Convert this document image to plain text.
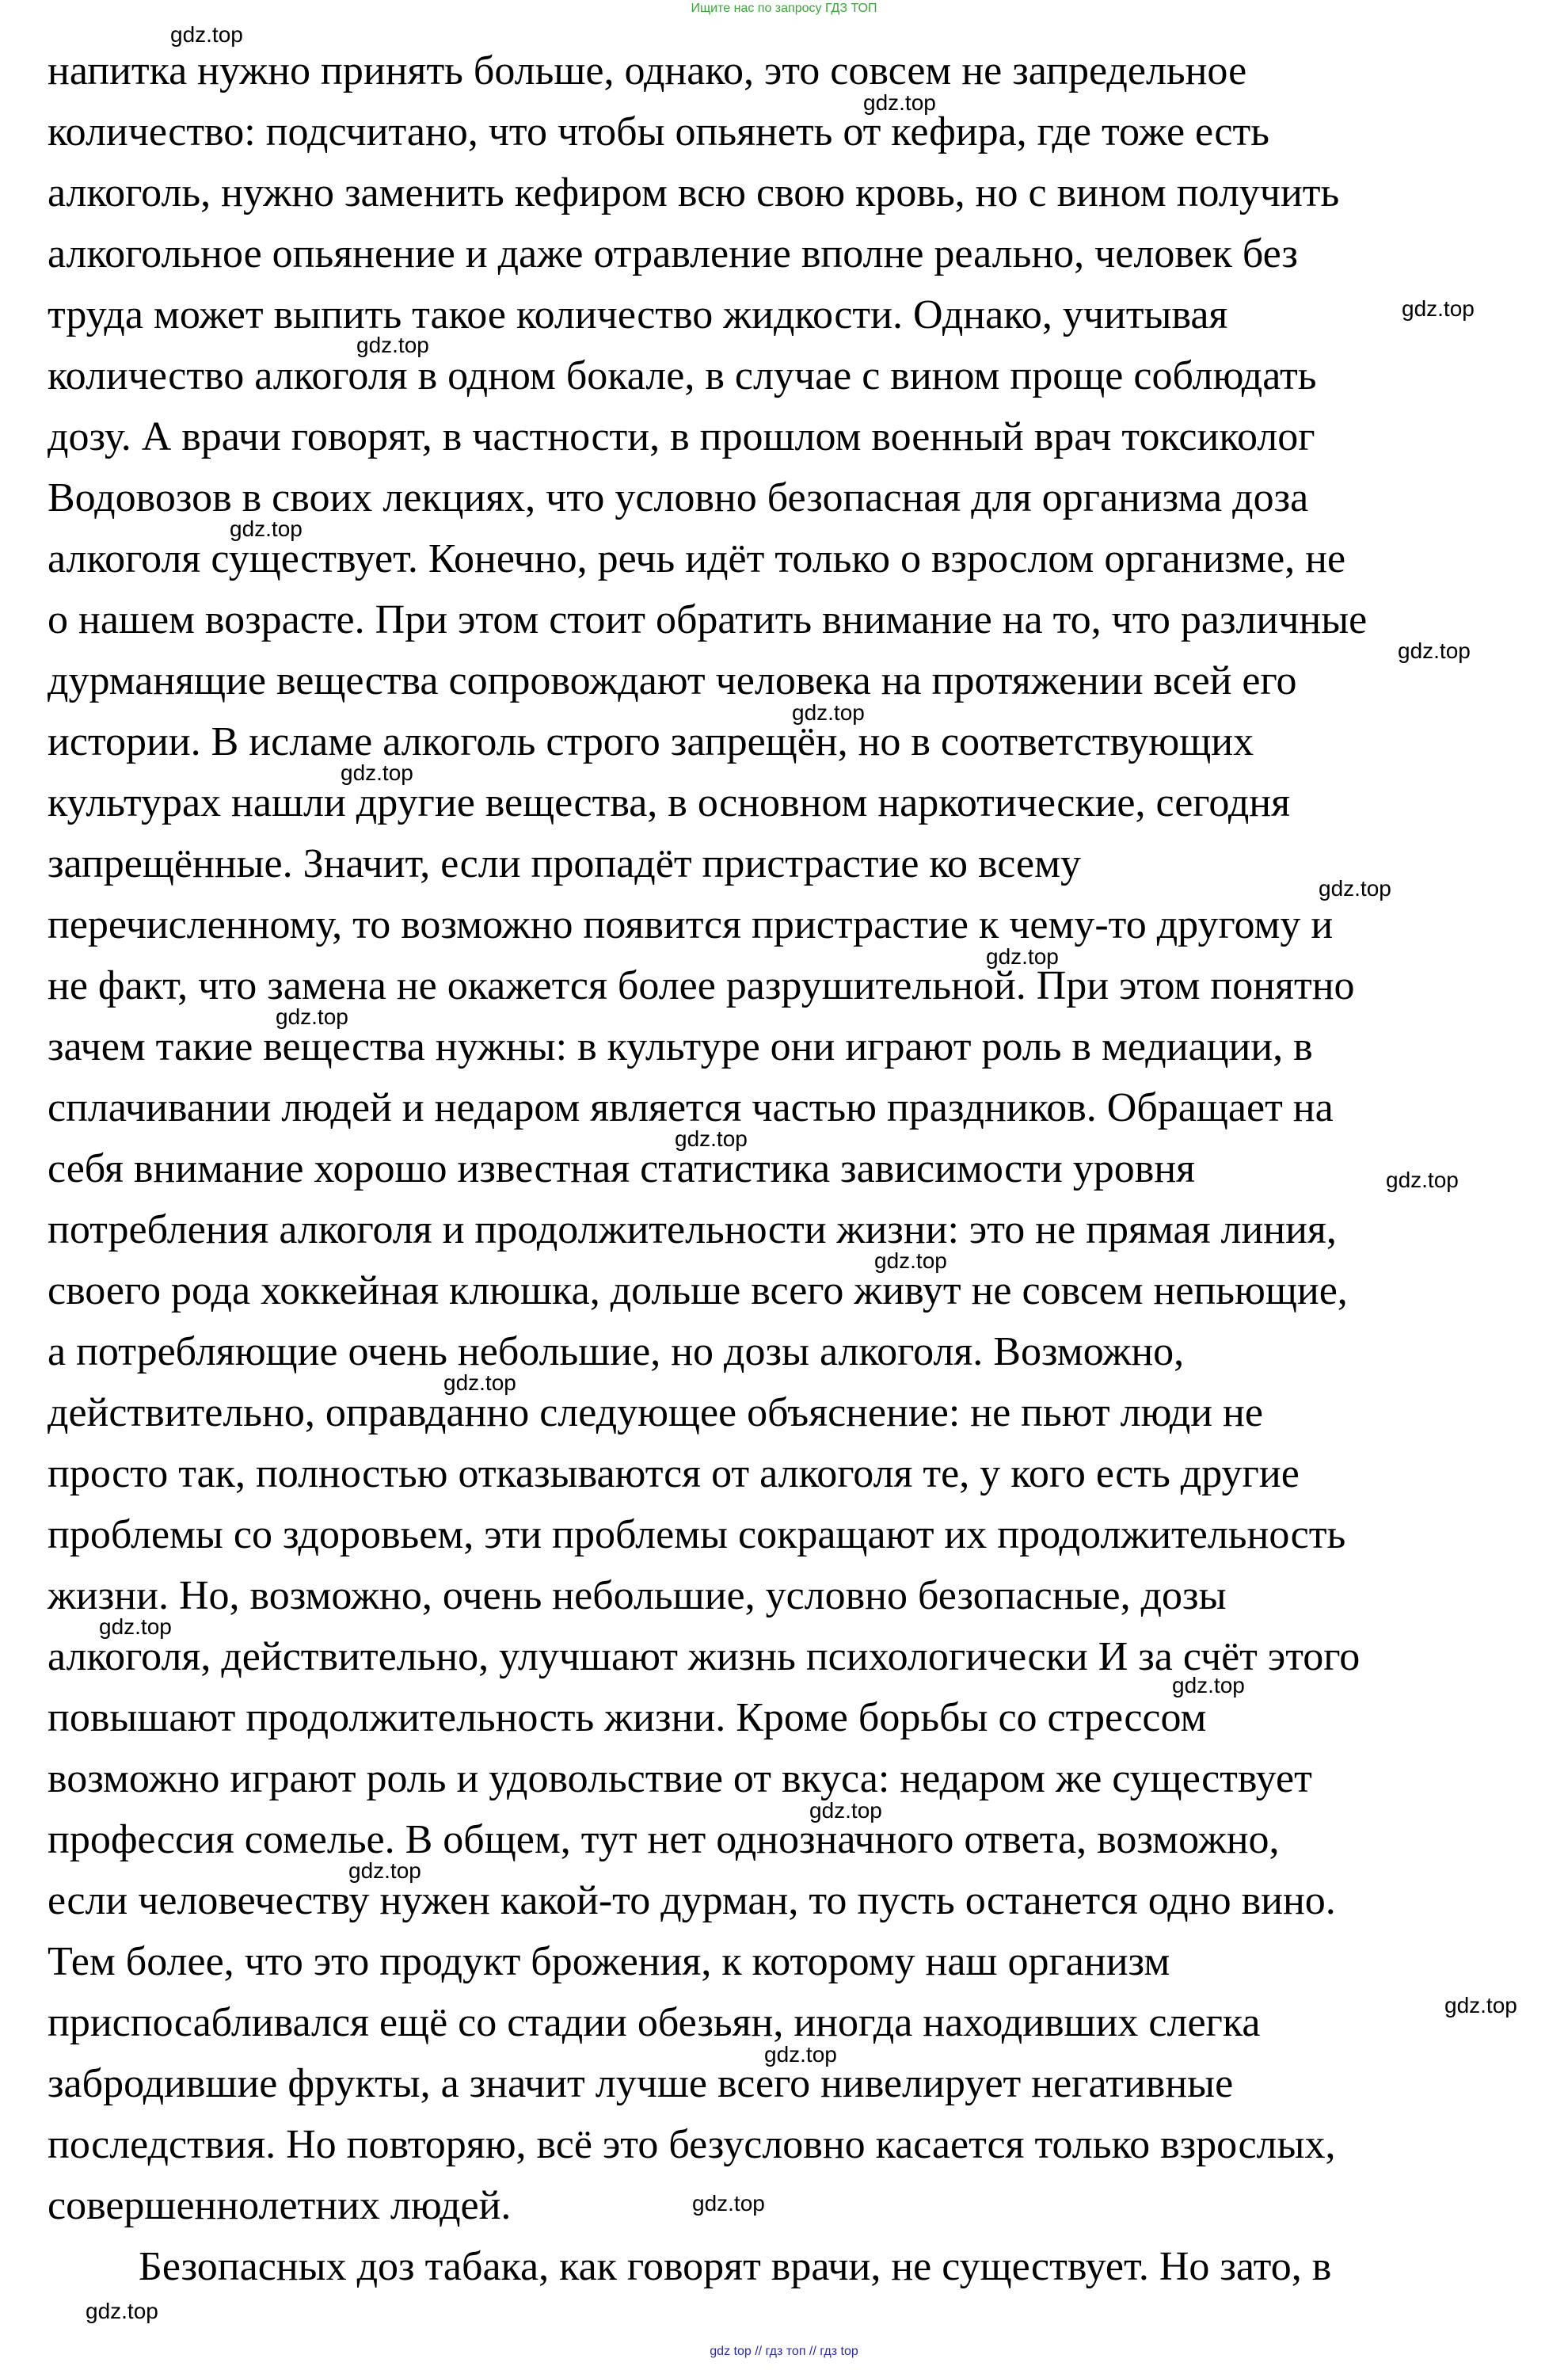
Ищите нас по запросу ГДЗ ТОП
напитка нужно принять больше, однако, это совсем не запредельное
количество: подсчитано, что чтобы опьянеть от кефира, где тоже есть
алкоголь, нужно заменить кефиром всю свою кровь, но с вином получить
алкогольное опьянение и даже отравление вполне реально, человек без
труда может выпить такое количество жидкости. Однако, учитывая
количество алкоголя в одном бокале, в случае с вином проще соблюдать
дозу. А врачи говорят, в частности, в прошлом военный врач токсиколог
Водовозов в своих лекциях, что условно безопасная для организма доза
алкоголя существует. Конечно, речь идёт только о взрослом организме, не
о нашем возрасте. При этом стоит обратить внимание на то, что различные
дурманящие вещества сопровождают человека на протяжении всей его
истории. В исламе алкоголь строго запрещён, но в соответствующих
культурах нашли другие вещества, в основном наркотические, сегодня
запрещённые. Значит, если пропадёт пристрастие ко всему
перечисленному, то возможно появится пристрастие к чему-то другому и
не факт, что замена не окажется более разрушительной. При этом понятно
зачем такие вещества нужны: в культуре они играют роль в медиации, в
сплачивании людей и недаром является частью праздников. Обращает на
себя внимание хорошо известная статистика зависимости уровня
потребления алкоголя и продолжительности жизни: это не прямая линия,
своего рода хоккейная клюшка, дольше всего живут не совсем непьющие,
а потребляющие очень небольшие, но дозы алкоголя. Возможно,
действительно, оправданно следующее объяснение: не пьют люди не
просто так, полностью отказываются от алкоголя те, у кого есть другие
проблемы со здоровьем, эти проблемы сокращают их продолжительность
жизни. Но, возможно, очень небольшие, условно безопасные, дозы
алкоголя, действительно, улучшают жизнь психологически И за счёт этого
повышают продолжительность жизни. Кроме борьбы со стрессом
возможно играют роль и удовольствие от вкуса: недаром же существует
профессия сомелье. В общем, тут нет однозначного ответа, возможно,
если человечеству нужен какой-то дурман, то пусть останется одно вино.
Тем более, что это продукт брожения, к которому наш организм
приспосабливался ещё со стадии обезьян, иногда находивших слегка
забродившие фрукты, а значит лучше всего нивелирует негативные
последствия. Но повторяю, всё это безусловно касается только взрослых,
совершеннолетних людей.
Безопасных доз табака, как говорят врачи, не существует. Но зато, в
gdz.top
gdz.top
gdz.top
gdz.top
gdz.top
gdz.top
gdz.top
gdz.top
gdz.top
gdz.top
gdz.top
gdz.top
gdz.top
gdz.top
gdz.top
gdz.top
gdz.top
gdz.top
gdz.top
gdz.top
gdz.top
gdz.top
gdz.top
gdz top // гдз топ // гдз top
